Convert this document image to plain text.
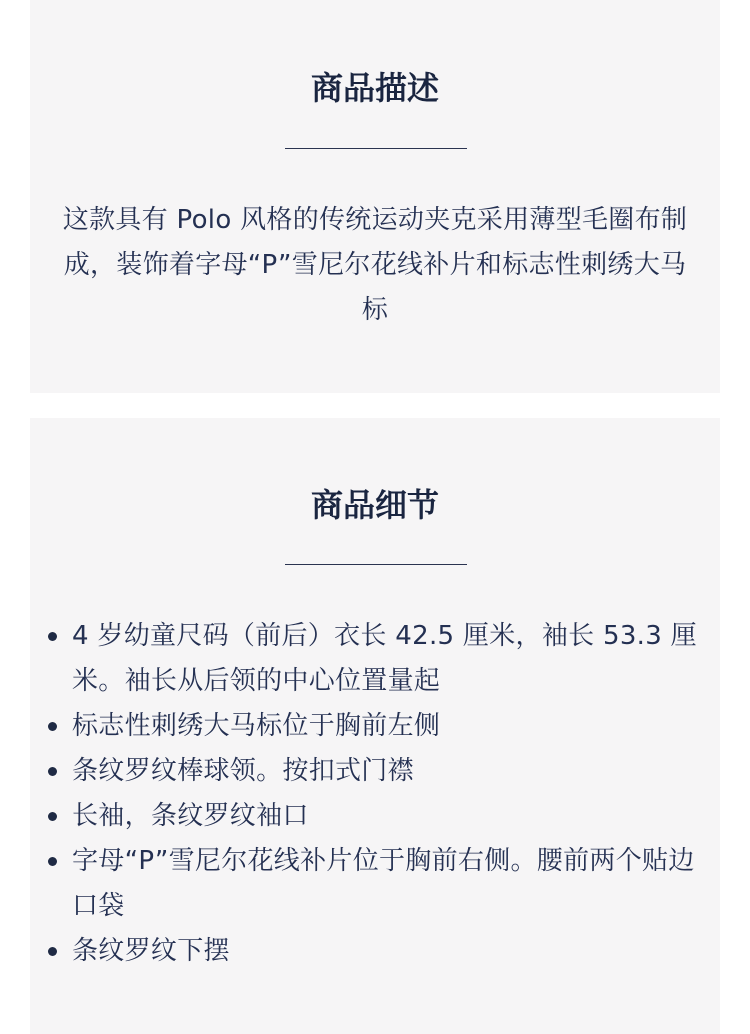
商品描述

这款具有 Polo 风格的传统运动夹克采用薄型毛圈布制成，装饰着字母“P”雪尼尔花线补片和标志性刺绣大马标

商品细节
4 岁幼童尺码（前后）衣长 42.5 厘米，袖长 53.3 厘米。袖长从后领的中心位置量起
标志性刺绣大马标位于胸前左侧
条纹罗纹棒球领。按扣式门襟
长袖，条纹罗纹袖口
字母“P”雪尼尔花线补片位于胸前右侧。腰前两个贴边口袋
条纹罗纹下摆
